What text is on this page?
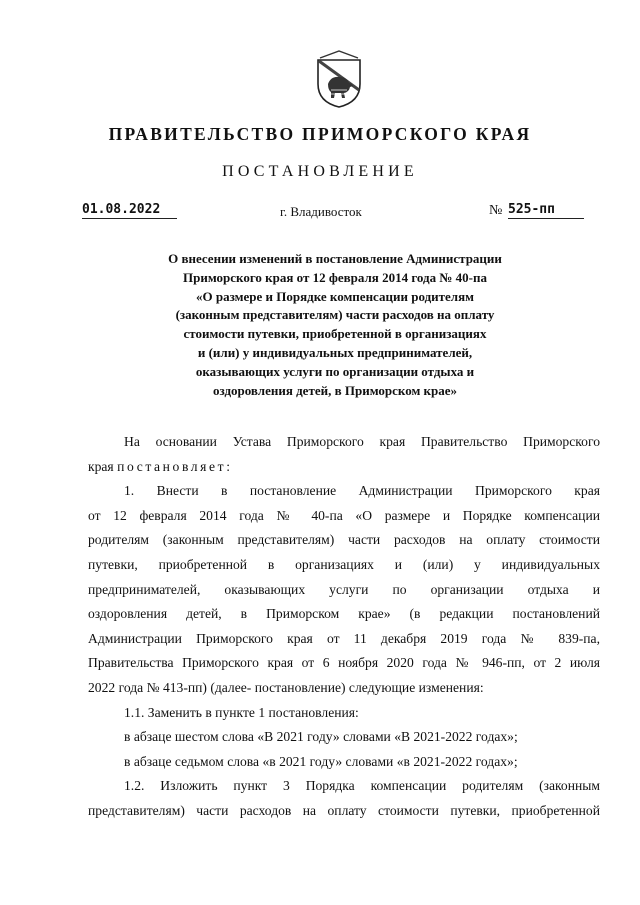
ПРАВИТЕЛЬСТВО ПРИМОРСКОГО КРАЯ
ПОСТАНОВЛЕНИЕ
01.08.2022	г. Владивосток	№ 525-пп
О внесении изменений в постановление Администрации
Приморского края от 12 февраля 2014 года № 40-па
«О размере и Порядке компенсации родителям
(законным представителям) части расходов на оплату
стоимости путевки, приобретенной в организациях
и (или) у индивидуальных предпринимателей,
оказывающих услуги по организации отдыха и
оздоровления детей, в Приморском крае»
На основании Устава Приморского края Правительство Приморского
края постановляет:
1. Внести в постановление Администрации Приморского края
от 12 февраля 2014 года № 40-па «О размере и Порядке компенсации
родителям (законным представителям) части расходов на оплату стоимости
путевки, приобретенной в организациях и (или) у индивидуальных
предпринимателей, оказывающих услуги по организации отдыха и
оздоровления детей, в Приморском крае» (в редакции постановлений
Администрации Приморского края от 11 декабря 2019 года № 839-па,
Правительства Приморского края от 6 ноября 2020 года № 946-пп, от 2 июля
2022 года № 413-пп) (далее- постановление) следующие изменения:
1.1. Заменить в пункте 1 постановления:
в абзаце шестом слова «В 2021 году» словами «В 2021-2022 годах»;
в абзаце седьмом слова «в 2021 году» словами «в 2021-2022 годах»;
1.2. Изложить пункт 3 Порядка компенсации родителям (законным
представителям) части расходов на оплату стоимости путевки, приобретенной
